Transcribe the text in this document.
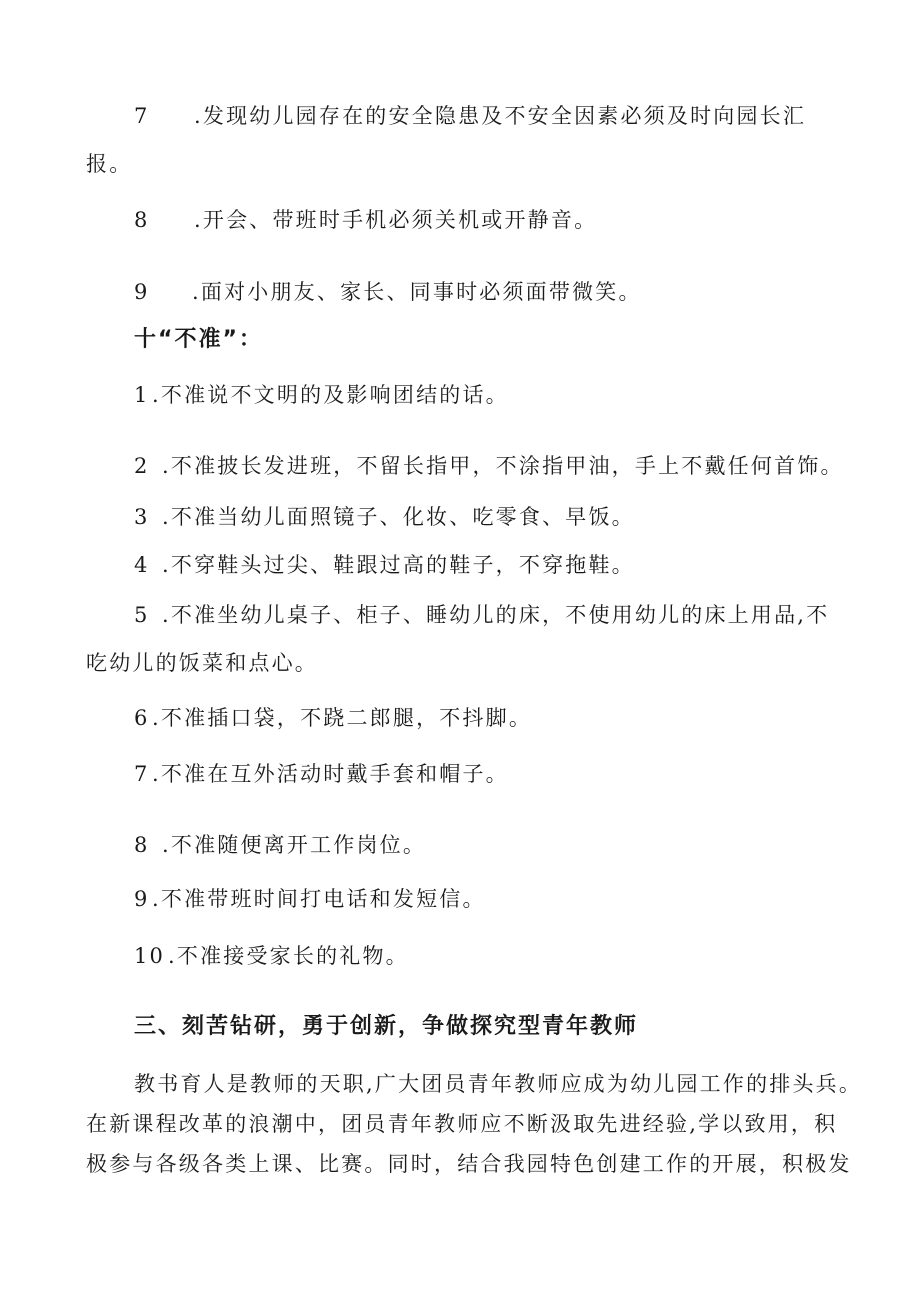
7 .发现幼儿园存在的安全隐患及不安全因素必须及时向园长汇
报。
8 .开会、带班时手机必须关机或开静音。
9 .面对小朋友、家长、同事时必须面带微笑。
十“不准”：
1 .不准说不文明的及影响团结的话。
2 .不准披长发进班，不留长指甲，不涂指甲油，手上不戴任何首饰。
3 .不准当幼儿面照镜子、化妆、吃零食、早饭。
4 .不穿鞋头过尖、鞋跟过高的鞋子，不穿拖鞋。
5 .不准坐幼儿桌子、柜子、睡幼儿的床，不使用幼儿的床上用品,不
吃幼儿的饭菜和点心。
6 .不准插口袋，不跷二郎腿，不抖脚。
7 .不准在互外活动时戴手套和帽子。
8 .不准随便离开工作岗位。
9 .不准带班时间打电话和发短信。
10 .不准接受家长的礼物。
三、刻苦钻研，勇于创新，争做探究型青年教师
教书育人是教师的天职,广大团员青年教师应成为幼儿园工作的排头兵。
在新课程改革的浪潮中，团员青年教师应不断汲取先进经验,学以致用，积
极参与各级各类上课、比赛。同时，结合我园特色创建工作的开展，积极发
